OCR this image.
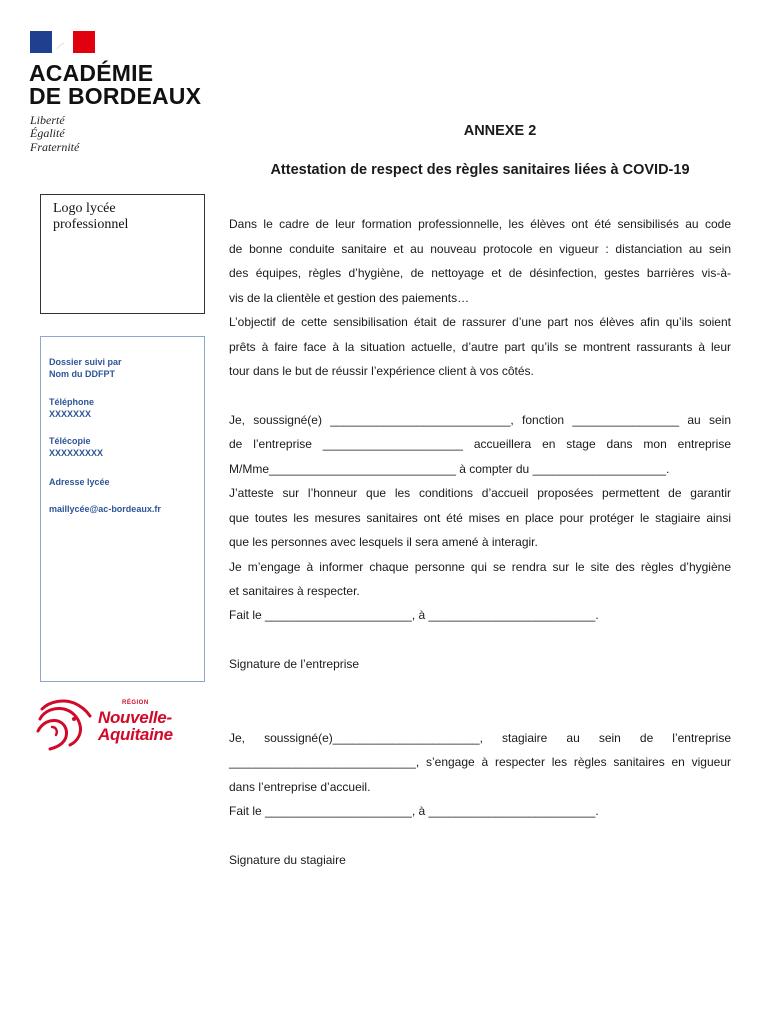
ACADÉMIE
DE BORDEAUX
Liberté
Égalité
Fraternité
ANNEXE 2
Attestation de respect des règles sanitaires liées à COVID-19
Logo lycée
professionnel
Dossier suivi par
Nom du DDFPT
Téléphone
XXXXXXX
Télécopie
XXXXXXXXX
Adresse lycée
maillycée@ac-bordeaux.fr
RÉGION
Nouvelle-
Aquitaine
Dans le cadre de leur formation professionnelle, les élèves ont été sensibilisés au code
de bonne conduite sanitaire et au nouveau protocole en vigueur : distanciation au sein
des équipes, règles d’hygiène, de nettoyage et de désinfection, gestes barrières vis-à-
vis de la clientèle et gestion des paiements…
L’objectif de cette sensibilisation était de rassurer d’une part nos élèves afin qu’ils soient
prêts à faire face à la situation actuelle, d’autre part qu’ils se montrent rassurants à leur
tour dans le but de réussir l’expérience client à vos côtés.
Je, soussigné(e) ___________________________, fonction ________________ au sein
de l’entreprise _____________________ accueillera en stage dans mon entreprise
M/Mme____________________________ à compter du ____________________.
J’atteste sur l’honneur que les conditions d’accueil proposées permettent de garantir
que toutes les mesures sanitaires ont été mises en place pour protéger le stagiaire ainsi
que les personnes avec lesquels il sera amené à interagir.
Je m’engage à informer chaque personne qui se rendra sur le site des règles d’hygiène
et sanitaires à respecter.
Fait le ______________________, à _________________________.
Signature de l’entreprise
Je, soussigné(e)______________________, stagiaire au sein de l’entreprise
____________________________, s’engage à respecter les règles sanitaires en vigueur
dans l’entreprise d’accueil.
Fait le ______________________, à _________________________.
Signature du stagiaire
